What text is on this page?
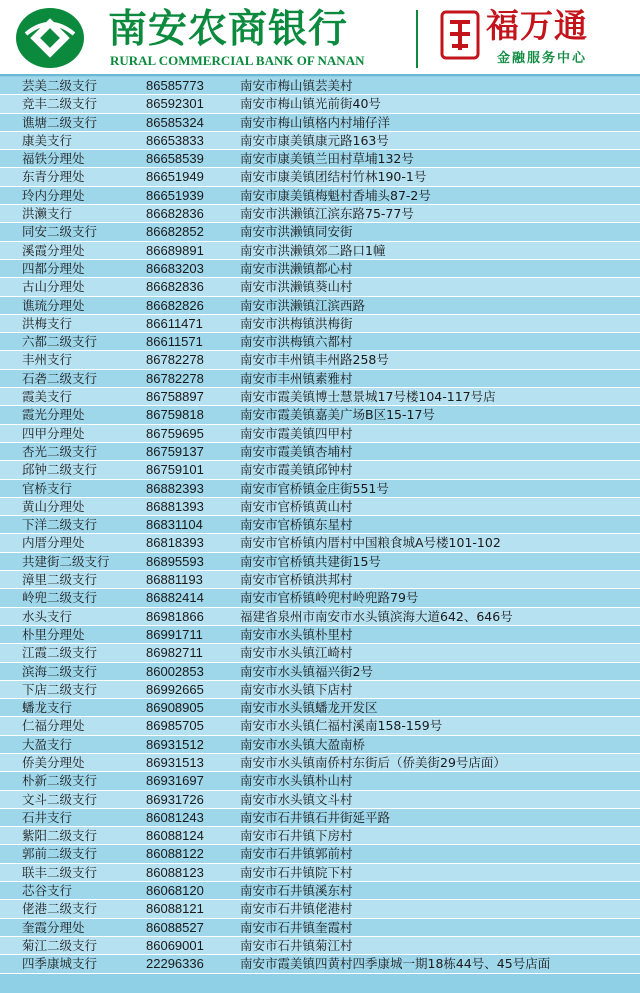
南安农商银行
RURAL COMMERCIAL BANK OF NANAN
福万通
金融服务中心
芸美二级支行	86585773	南安市梅山镇芸美村
竞丰二级支行	86592301	南安市梅山镇光前街40号
谯塘二级支行	86585324	南安市梅山镇格内村埔仔洋
康美支行	86653833	南安市康美镇康元路163号
福铁分理处	86658539	南安市康美镇兰田村草埔132号
东青分理处	86651949	南安市康美镇团结村竹林190-1号
玲内分理处	86651939	南安市康美镇梅魁村香埔头87-2号
洪濑支行	86682836	南安市洪濑镇江滨东路75-77号
同安二级支行	86682852	南安市洪濑镇同安街
溪霞分理处	86689891	南安市洪濑镇郊二路口1幢
四都分理处	86683203	南安市洪濑镇都心村
古山分理处	86682836	南安市洪濑镇葵山村
谯琉分理处	86682826	南安市洪濑镇江滨西路
洪梅支行	86611471	南安市洪梅镇洪梅街
六都二级支行	86611571	南安市洪梅镇六都村
丰州支行	86782278	南安市丰州镇丰州路258号
石砻二级支行	86782278	南安市丰州镇素雅村
霞美支行	86758897	南安市霞美镇博士慧景城17号楼104-117号店
霞光分理处	86759818	南安市霞美镇嘉美广场B区15-17号
四甲分理处	86759695	南安市霞美镇四甲村
杏光二级支行	86759137	南安市霞美镇杏埔村
邱钟二级支行	86759101	南安市霞美镇邱钟村
官桥支行	86882393	南安市官桥镇金庄街551号
黄山分理处	86881393	南安市官桥镇黄山村
下洋二级支行	86831104	南安市官桥镇东星村
内厝分理处	86818393	南安市官桥镇内厝村中国粮食城A号楼101-102
共建街二级支行	86895593	南安市官桥镇共建街15号
漳里二级支行	86881193	南安市官桥镇洪邦村
岭兜二级支行	86882414	南安市官桥镇岭兜村岭兜路79号
水头支行	86981866	福建省泉州市南安市水头镇滨海大道642、646号
朴里分理处	86991711	南安市水头镇朴里村
江霞二级支行	86982711	南安市水头镇江崎村
滨海二级支行	86002853	南安市水头镇福兴街2号
下店二级支行	86992665	南安市水头镇下店村
蟠龙支行	86908905	南安市水头镇蟠龙开发区
仁福分理处	86985705	南安市水头镇仁福村溪南158-159号
大盈支行	86931512	南安市水头镇大盈南桥
侨美分理处	86931513	南安市水头镇南侨村东街后（侨美街29号店面）
朴新二级支行	86931697	南安市水头镇朴山村
文斗二级支行	86931726	南安市水头镇文斗村
石井支行	86081243	南安市石井镇石井街延平路
紫阳二级支行	86088124	南安市石井镇下房村
郭前二级支行	86088122	南安市石井镇郭前村
联丰二级支行	86088123	南安市石井镇院下村
芯谷支行	86068120	南安市石井镇溪东村
佬港二级支行	86088121	南安市石井镇佬港村
奎霞分理处	86088527	南安市石井镇奎霞村
菊江二级支行	86069001	南安市石井镇菊江村
四季康城支行	22296336	南安市霞美镇四黄村四季康城一期18栋44号、45号店面
